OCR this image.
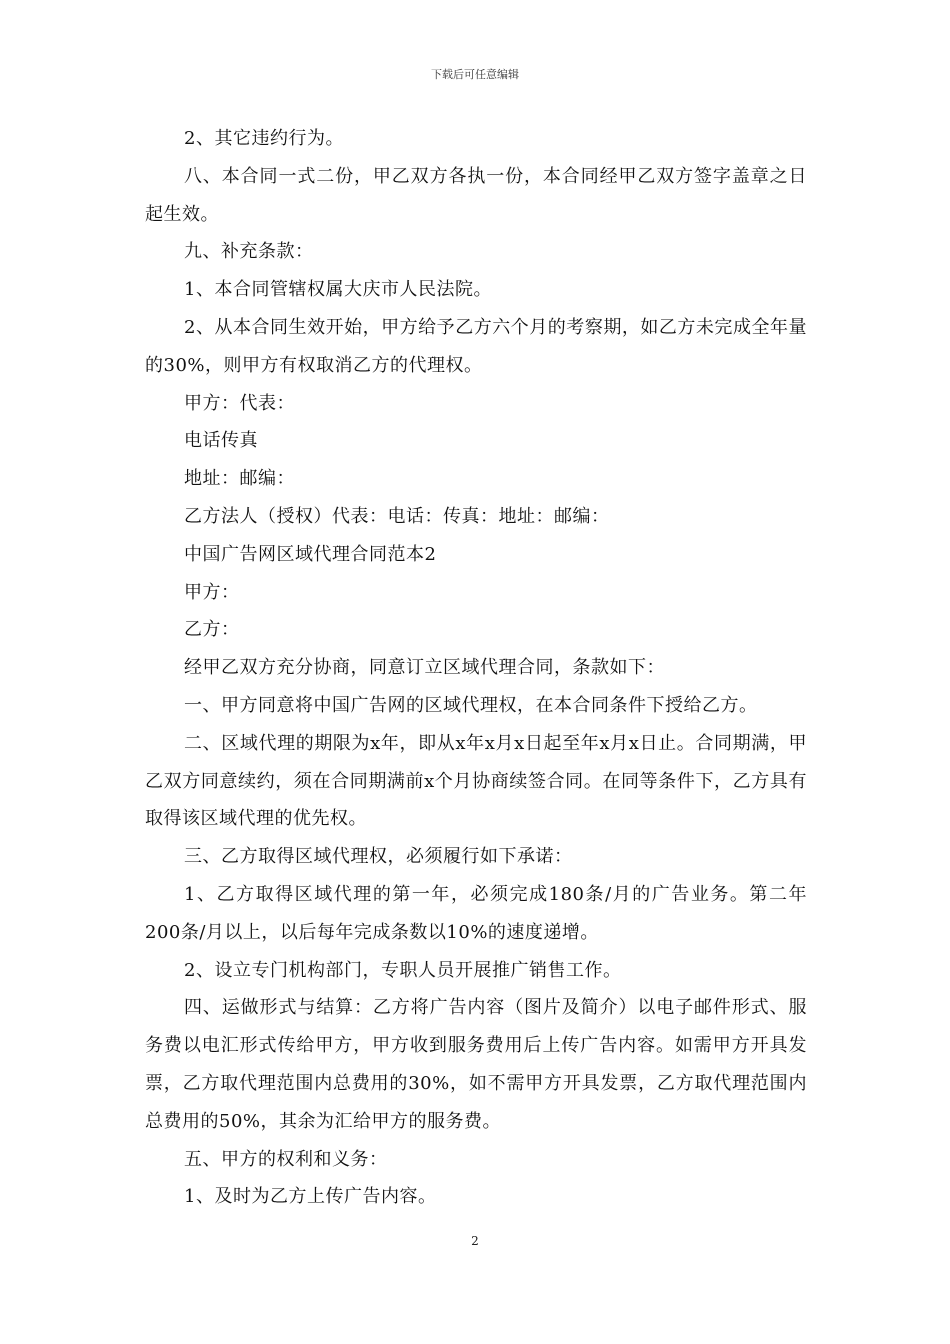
下载后可任意编辑

2、其它违约行为。

八、本合同一式二份，甲乙双方各执一份，本合同经甲乙双方签字盖章之日起生效。

九、补充条款：

1、本合同管辖权属大庆市人民法院。

2、从本合同生效开始，甲方给予乙方六个月的考察期，如乙方未完成全年量的30%，则甲方有权取消乙方的代理权。

甲方：代表：

电话传真

地址：邮编：

乙方法人（授权）代表：电话：传真：地址：邮编：

中国广告网区域代理合同范本2

甲方：

乙方：

经甲乙双方充分协商，同意订立区域代理合同，条款如下：

一、甲方同意将中国广告网的区域代理权，在本合同条件下授给乙方。

二、区域代理的期限为x年，即从x年x月x日起至年x月x日止。合同期满，甲乙双方同意续约，须在合同期满前x个月协商续签合同。在同等条件下，乙方具有取得该区域代理的优先权。

三、乙方取得区域代理权，必须履行如下承诺：

1、乙方取得区域代理的第一年，必须完成180条/月的广告业务。第二年200条/月以上，以后每年完成条数以10%的速度递增。

2、设立专门机构部门，专职人员开展推广销售工作。

四、运做形式与结算：乙方将广告内容（图片及简介）以电子邮件形式、服务费以电汇形式传给甲方，甲方收到服务费用后上传广告内容。如需甲方开具发票，乙方取代理范围内总费用的30%，如不需甲方开具发票，乙方取代理范围内总费用的50%，其余为汇给甲方的服务费。

五、甲方的权利和义务：

1、及时为乙方上传广告内容。

2
